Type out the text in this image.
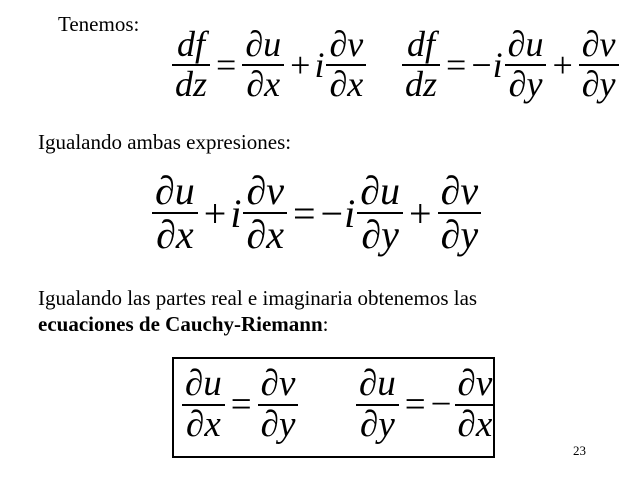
Tenemos:
$\frac{df}{dz} = \frac{\partial u}{\partial x} + i \frac{\partial v}{\partial x} \frac{df}{dz}$ = − i $\frac{\partial u}{\partial y} + \frac{\partial v}{\partial y}$
Igualando ambas expresiones:
$\frac{\partial u}{\partial x} + i \frac{\partial v}{\partial x}$ = − i $\frac{\partial u}{\partial y} + \frac{\partial v}{\partial y}$
Igualando las partes real e imaginaria obtenemos las
ecuaciones de Cauchy-Riemann:
$\frac{\partial u}{\partial x} = \frac{\partial v}{\partial y} \frac{\partial u}{\partial y}$ = − $\frac{\partial v}{\partial x}$
23
